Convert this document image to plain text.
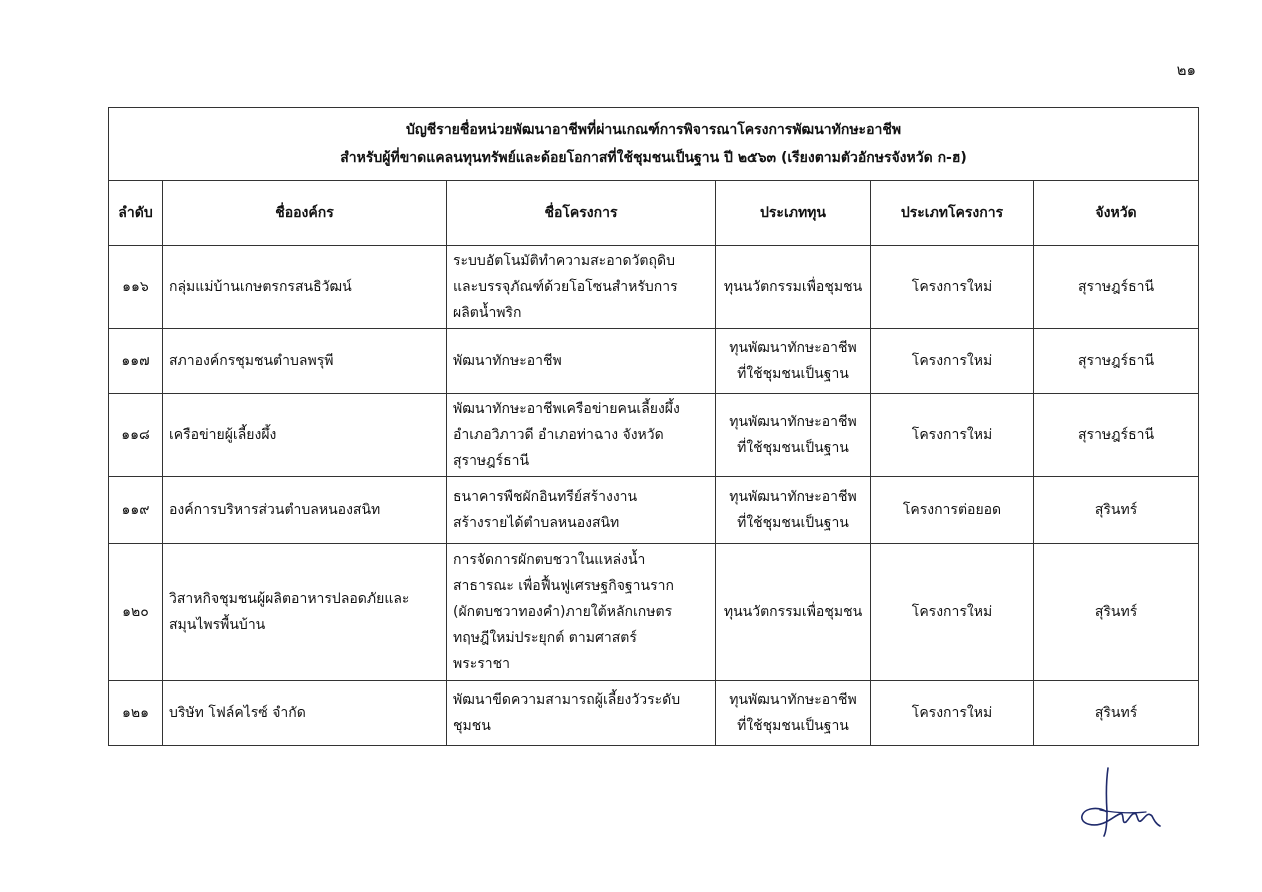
๒๑
บัญชีรายชื่อหน่วยพัฒนาอาชีพที่ผ่านเกณฑ์การพิจารณาโครงการพัฒนาทักษะอาชีพ
สำหรับผู้ที่ขาดแคลนทุนทรัพย์และด้อยโอกาสที่ใช้ชุมชนเป็นฐาน ปี ๒๕๖๓ (เรียงตามตัวอักษรจังหวัด ก-ฮ)					

ลำดับ	ชื่อองค์กร	ชื่อโครงการ	ประเภททุน	ประเภทโครงการ	จังหวัด
๑๑๖	กลุ่มแม่บ้านเกษตรกรสนธิวัฒน์	ระบบอัตโนมัติทำความสะอาดวัตถุดิบ
และบรรจุภัณฑ์ด้วยโอโซนสำหรับการ
ผลิตน้ำพริก	ทุนนวัตกรรมเพื่อชุมชน	โครงการใหม่	สุราษฎร์ธานี
๑๑๗	สภาองค์กรชุมชนตำบลพรุพี	พัฒนาทักษะอาชีพ	ทุนพัฒนาทักษะอาชีพ
ที่ใช้ชุมชนเป็นฐาน	โครงการใหม่	สุราษฎร์ธานี
๑๑๘	เครือข่ายผู้เลี้ยงผึ้ง	พัฒนาทักษะอาชีพเครือข่ายคนเลี้ยงผึ้ง
อำเภอวิภาวดี อำเภอท่าฉาง จังหวัด
สุราษฎร์ธานี	ทุนพัฒนาทักษะอาชีพ
ที่ใช้ชุมชนเป็นฐาน	โครงการใหม่	สุราษฎร์ธานี
๑๑๙	องค์การบริหารส่วนตำบลหนองสนิท	ธนาคารพืชผักอินทรีย์สร้างงาน
สร้างรายได้ตำบลหนองสนิท	ทุนพัฒนาทักษะอาชีพ
ที่ใช้ชุมชนเป็นฐาน	โครงการต่อยอด	สุรินทร์
๑๒๐	วิสาหกิจชุมชนผู้ผลิตอาหารปลอดภัยและ
สมุนไพรพื้นบ้าน	การจัดการผักตบชวาในแหล่งน้ำ
สาธารณะ เพื่อฟื้นฟูเศรษฐกิจฐานราก
(ผักตบชวาทองคำ)ภายใต้หลักเกษตร
ทฤษฎีใหม่ประยุกต์ ตามศาสตร์
พระราชา	ทุนนวัตกรรมเพื่อชุมชน	โครงการใหม่	สุรินทร์
๑๒๑	บริษัท โฟล์คไรซ์ จำกัด	พัฒนาขีดความสามารถผู้เลี้ยงวัวระดับ
ชุมชน	ทุนพัฒนาทักษะอาชีพ
ที่ใช้ชุมชนเป็นฐาน	โครงการใหม่	สุรินทร์
